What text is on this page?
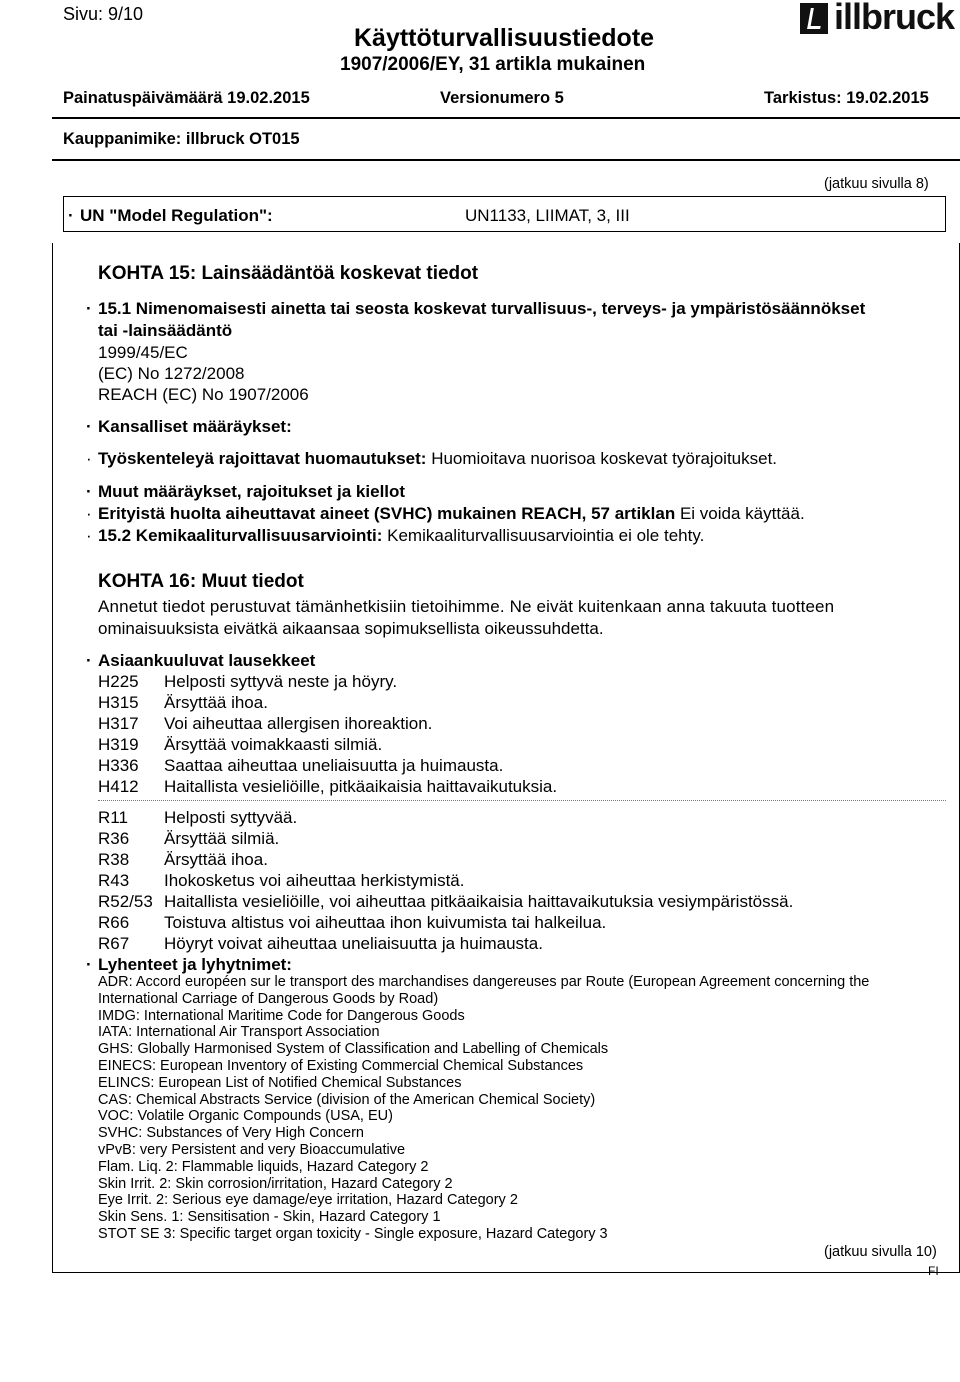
Sivu: 9/10
Käyttöturvallisuustiedote
1907/2006/EY, 31 artikla mukainen
illbruck
Painatuspäivämäärä 19.02.2015	Versionumero 5	Tarkistus: 19.02.2015
Kauppanimike: illbruck OT015
(jatkuu sivulla 8)
· UN "Model Regulation":	UN1133, LIIMAT, 3, III
KOHTA 15: Lainsäädäntöä koskevat tiedot
· 15.1 Nimenomaisesti ainetta tai seosta koskevat turvallisuus-, terveys- ja ympäristösäännökset
tai -lainsäädäntö
1999/45/EC
(EC) No 1272/2008
REACH (EC) No 1907/2006
· Kansalliset määräykset:
· Työskenteleyä rajoittavat huomautukset: Huomioitava nuorisoa koskevat työrajoitukset.
· Muut määräykset, rajoitukset ja kiellot
· Erityistä huolta aiheuttavat aineet (SVHC) mukainen REACH, 57 artiklan Ei voida käyttää.
· 15.2 Kemikaaliturvallisuusarviointi: Kemikaaliturvallisuusarviointia ei ole tehty.
KOHTA 16: Muut tiedot
Annetut tiedot perustuvat tämänhetkisiin tietoihimme. Ne eivät kuitenkaan anna takuuta tuotteen
ominaisuuksista eivätkä aikaansaa sopimuksellista oikeussuhdetta.
· Asiaankuuluvat lausekkeet
H225 Helposti syttyvä neste ja höyry.
H315 Ärsyttää ihoa.
H317 Voi aiheuttaa allergisen ihoreaktion.
H319 Ärsyttää voimakkaasti silmiä.
H336 Saattaa aiheuttaa uneliaisuutta ja huimausta.
H412 Haitallista vesieliöille, pitkäaikaisia haittavaikutuksia.
R11 Helposti syttyvää.
R36 Ärsyttää silmiä.
R38 Ärsyttää ihoa.
R43 Ihokosketus voi aiheuttaa herkistymistä.
R52/53 Haitallista vesieliöille, voi aiheuttaa pitkäaikaisia haittavaikutuksia vesiympäristössä.
R66 Toistuva altistus voi aiheuttaa ihon kuivumista tai halkeilua.
R67 Höyryt voivat aiheuttaa uneliaisuutta ja huimausta.
· Lyhenteet ja lyhytnimet:
ADR: Accord européen sur le transport des marchandises dangereuses par Route (European Agreement concerning the
International Carriage of Dangerous Goods by Road)
IMDG: International Maritime Code for Dangerous Goods
IATA: International Air Transport Association
GHS: Globally Harmonised System of Classification and Labelling of Chemicals
EINECS: European Inventory of Existing Commercial Chemical Substances
ELINCS: European List of Notified Chemical Substances
CAS: Chemical Abstracts Service (division of the American Chemical Society)
VOC: Volatile Organic Compounds (USA, EU)
SVHC: Substances of Very High Concern
vPvB: very Persistent and very Bioaccumulative
Flam. Liq. 2: Flammable liquids, Hazard Category 2
Skin Irrit. 2: Skin corrosion/irritation, Hazard Category 2
Eye Irrit. 2: Serious eye damage/eye irritation, Hazard Category 2
Skin Sens. 1: Sensitisation - Skin, Hazard Category 1
STOT SE 3: Specific target organ toxicity - Single exposure, Hazard Category 3
(jatkuu sivulla 10)
FI
